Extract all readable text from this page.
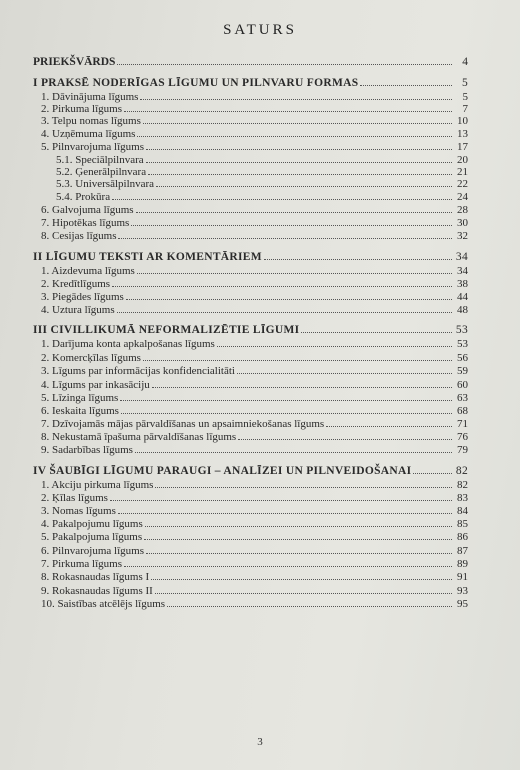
SATURS
PRIEKŠVĀRDS	4
I PRAKSĒ NODERĪGAS LĪGUMU UN PILNVARU FORMAS	5
1. Dāvinājuma līgums	5
2. Pirkuma līgums	7
3. Telpu nomas līgums	10
4. Uzņēmuma līgums	13
5. Pilnvarojuma līgums	17
5.1. Speciālpilnvara	20
5.2. Ģenerālpilnvara	21
5.3. Universālpilnvara	22
5.4. Prokūra	24
6. Galvojuma līgums	28
7. Hipotēkas līgums	30
8. Cesijas līgums	32
II LĪGUMU TEKSTI AR KOMENTĀRIEM	34
1. Aizdevuma līgums	34
2. Kredītlīgums	38
3. Piegādes līgums	44
4. Uztura līgums	48
III CIVILLIKUMĀ NEFORMALIZĒTIE LĪGUMI	53
1. Darījuma konta apkalpošanas līgums	53
2. Komercķīlas līgums	56
3. Līgums par informācijas konfidencialitāti	59
4. Līgums par inkasāciju	60
5. Līzinga līgums	63
6. Ieskaita līgums	68
7. Dzīvojamās mājas pārvaldīšanas un apsaimniekošanas līgums	71
8. Nekustamā īpašuma pārvaldīšanas līgums	76
9. Sadarbības līgums	79
IV ŠAUBĪGI LĪGUMU PARAUGI – ANALĪZEI UN PILNVEIDOŠANAI	82
1. Akciju pirkuma līgums	82
2. Ķīlas līgums	83
3. Nomas līgums	84
4. Pakalpojumu līgums	85
5. Pakalpojuma līgums	86
6. Pilnvarojuma līgums	87
7. Pirkuma līgums	89
8. Rokasnaudas līgums I	91
9. Rokasnaudas līgums II	93
10. Saistības atcēlējs līgums	95
3
